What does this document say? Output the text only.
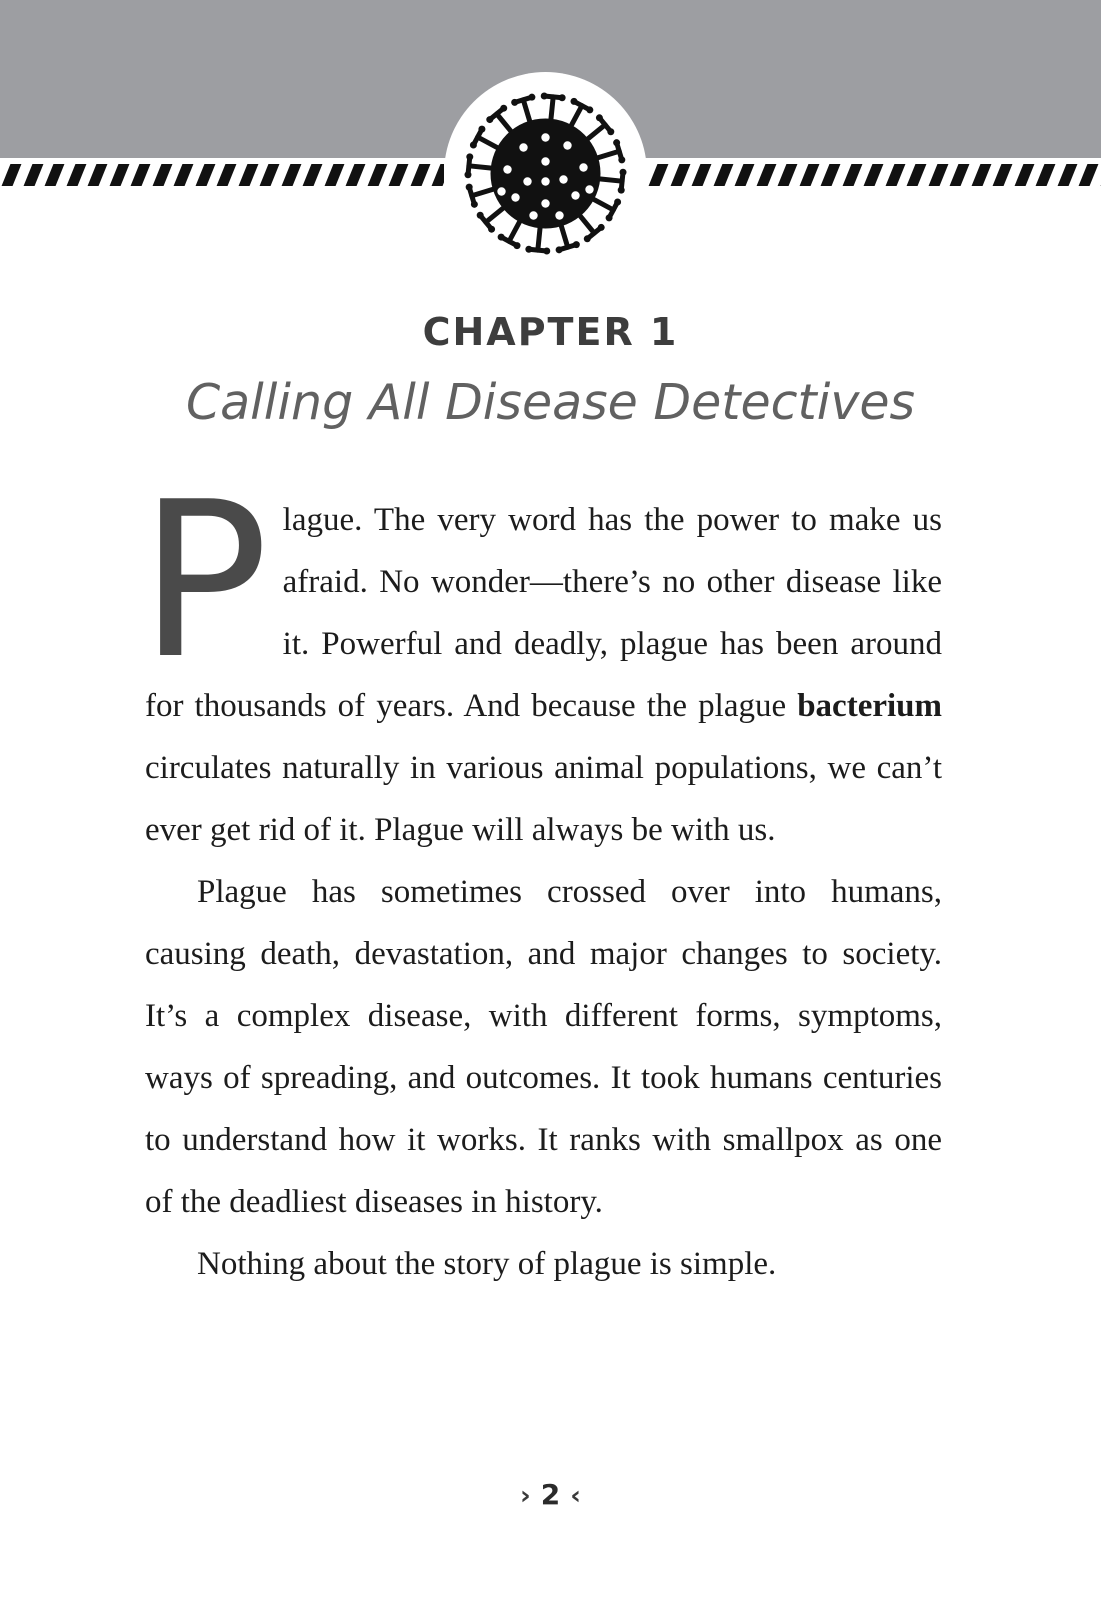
CHAPTER 1
Calling All Disease Detectives

Plague. The very word has the power to make us afraid. No wonder—there’s no other disease like it. Powerful and deadly, plague has been around for thousands of years. And because the plague bacterium circulates naturally in various animal populations, we can’t ever get rid of it. Plague will always be with us.

Plague has sometimes crossed over into humans, causing death, devastation, and major changes to society. It’s a complex disease, with different forms, symptoms, ways of spreading, and outcomes. It took humans centuries to understand how it works. It ranks with smallpox as one of the deadliest diseases in history.

Nothing about the story of plague is simple.

› 2 ‹
